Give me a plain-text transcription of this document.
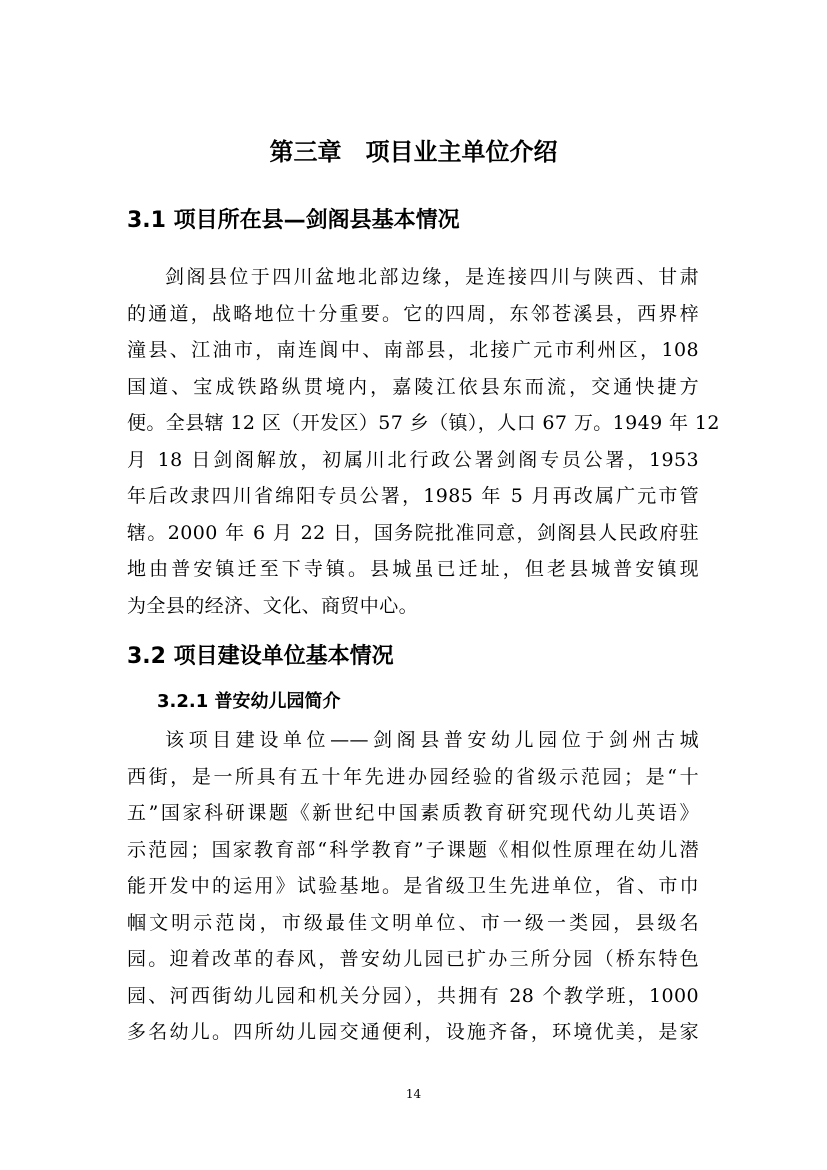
第三章　项目业主单位介绍
3.1 项目所在县—剑阁县基本情况
剑阁县位于四川盆地北部边缘，是连接四川与陕西、甘肃
的通道，战略地位十分重要。它的四周，东邻苍溪县，西界梓
潼县、江油市，南连阆中、南部县，北接广元市利州区，108
国道、宝成铁路纵贯境内，嘉陵江依县东而流，交通快捷方
便。全县辖 12 区（开发区）57 乡（镇），人口 67 万。1949 年 12
月 18 日剑阁解放，初属川北行政公署剑阁专员公署，1953
年后改隶四川省绵阳专员公署，1985 年 5 月再改属广元市管
辖。2000 年 6 月 22 日，国务院批准同意，剑阁县人民政府驻
地由普安镇迁至下寺镇。县城虽已迁址，但老县城普安镇现
为全县的经济、文化、商贸中心。
3.2 项目建设单位基本情况
3.2.1 普安幼儿园简介
该项目建设单位——剑阁县普安幼儿园位于剑州古城
西街，是一所具有五十年先进办园经验的省级示范园；是“十
五”国家科研课题《新世纪中国素质教育研究现代幼儿英语》
示范园；国家教育部“科学教育”子课题《相似性原理在幼儿潜
能开发中的运用》试验基地。是省级卫生先进单位，省、市巾
帼文明示范岗，市级最佳文明单位、市一级一类园，县级名
园。迎着改革的春风，普安幼儿园已扩办三所分园（桥东特色
园、河西街幼儿园和机关分园），共拥有 28 个教学班，1000
多名幼儿。四所幼儿园交通便利，设施齐备，环境优美，是家
14
